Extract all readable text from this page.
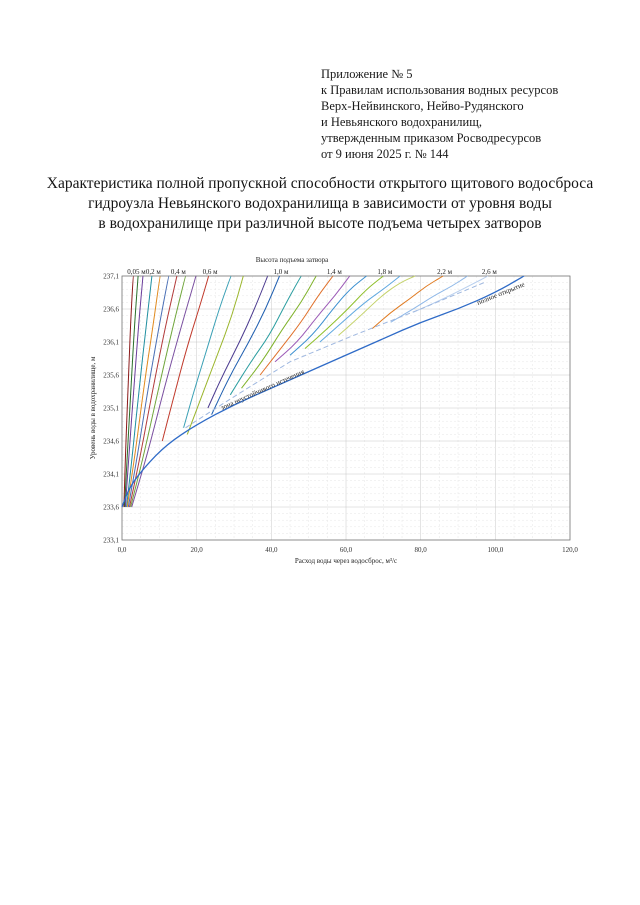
Приложение № 5
к Правилам использования водных ресурсов
Верх-Нейвинского, Нейво-Рудянского
и Невьянского водохранилищ,
утвержденным приказом Росводресурсов
от 9 июня 2025 г. № 144
Характеристика полной пропускной способности открытого щитового водосброса
гидроузла Невьянского водохранилища в зависимости от уровня воды
в водохранилище при различной высоте подъема четырех затворов
0,0	20,0	40,0	60,0	80,0	100,0	120,0
233,1
233,6
234,1
234,6
235,1
235,6
236,1
236,6
237,1
0,05 м 0,2 м 0,4 м 0,6 м	1,0 м	1,4 м	1,8 м	2,2 м	2,6 м
Высота подъема затвора
Расход воды через водосброс, м³/с
Уровень воды в водохранилище, м
полное открытие
зона неустойчивого истечения
